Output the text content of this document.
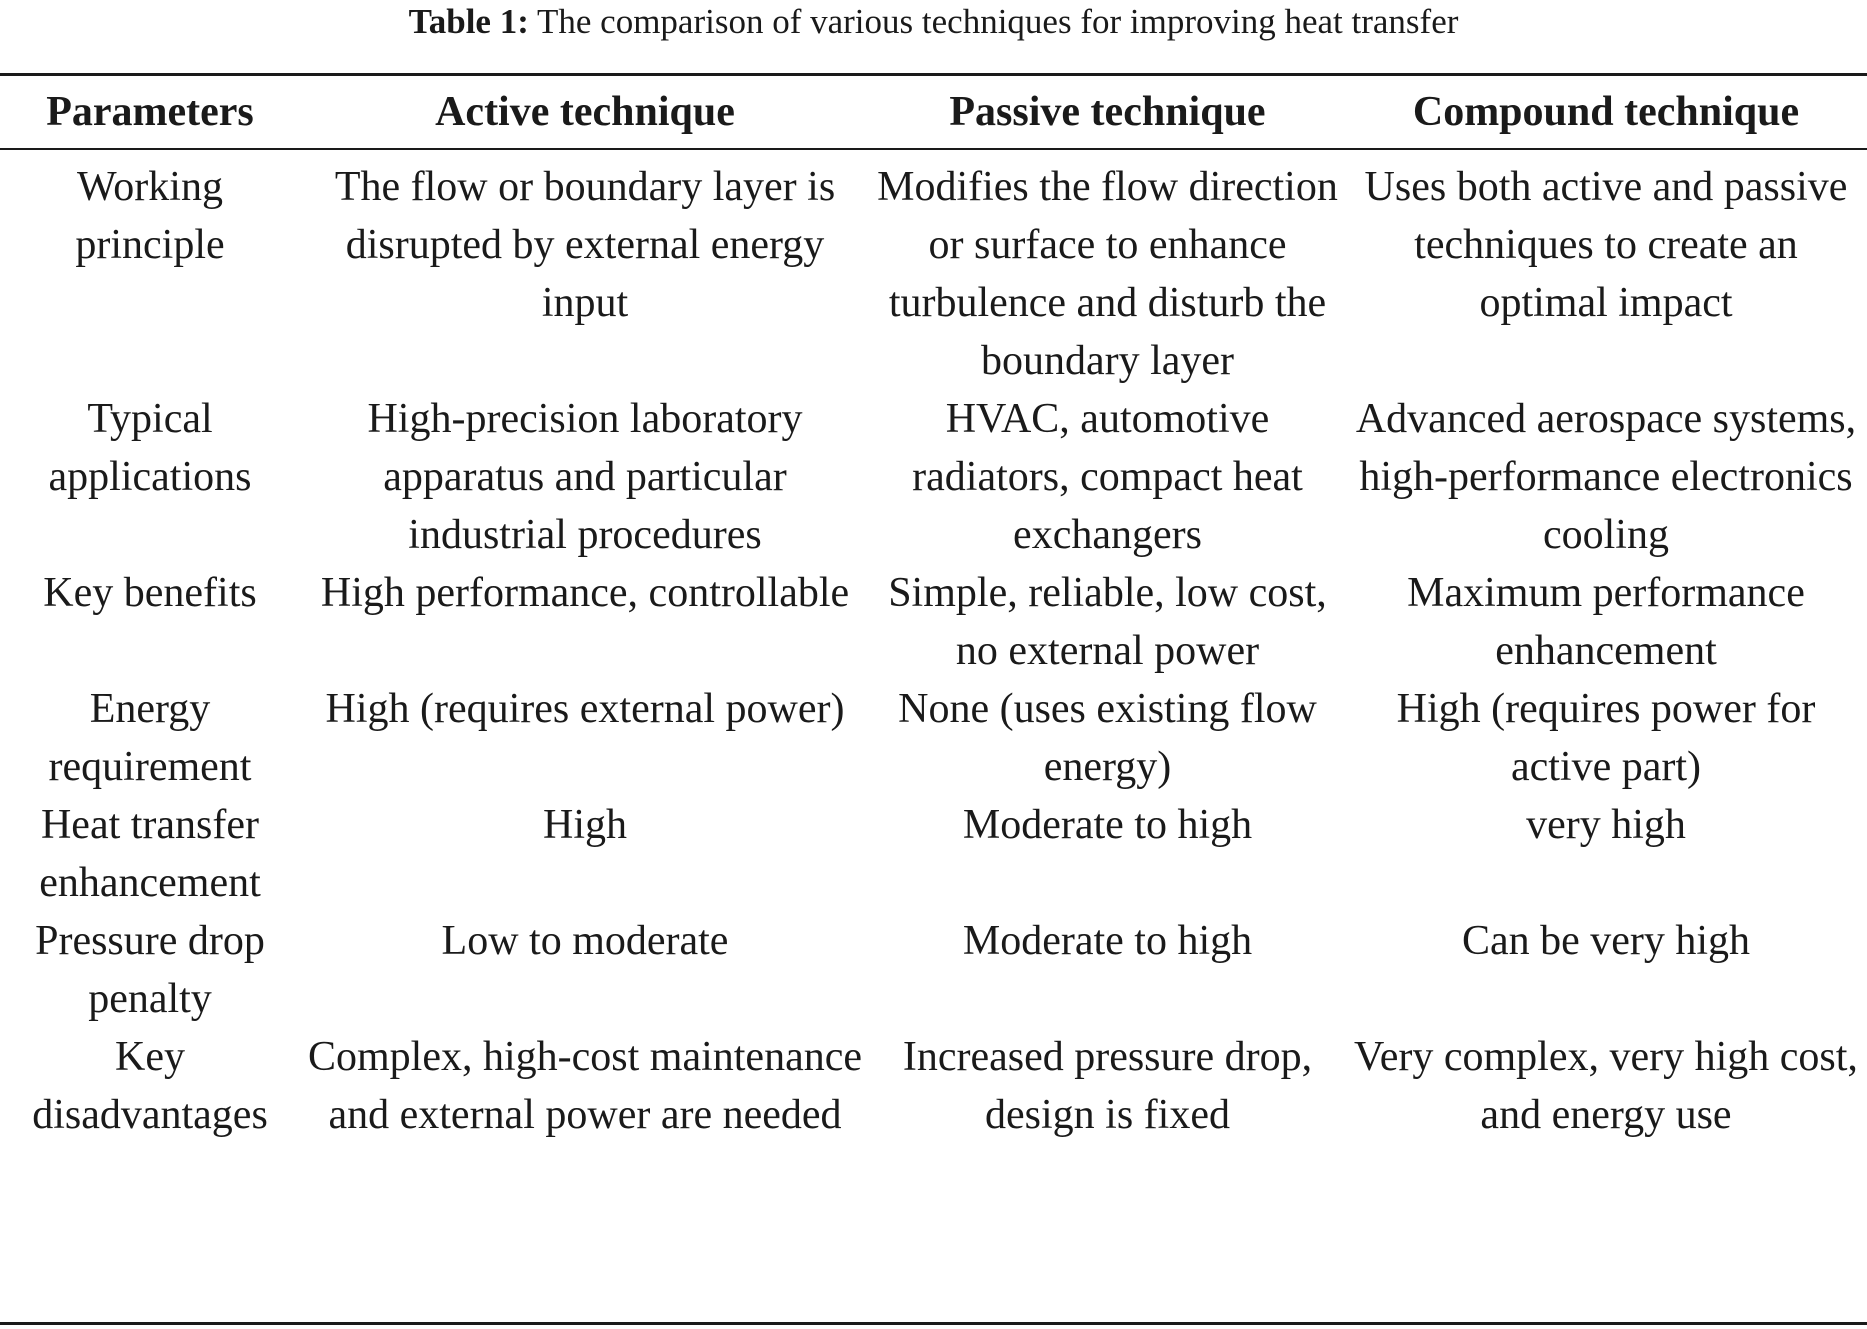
Table 1: The comparison of various techniques for improving heat transfer
Parameters	Active technique	Passive technique	Compound technique
Working principle	The flow or boundary layer is disrupted by external energy input	Modifies the flow direction or surface to enhance turbulence and disturb the boundary layer	Uses both active and passive techniques to create an optimal impact
Typical applications	High-precision laboratory apparatus and particular industrial procedures	HVAC, automotive radiators, compact heat exchangers	Advanced aerospace systems, high-performance electronics cooling
Key benefits	High performance, controllable	Simple, reliable, low cost, no external power	Maximum performance enhancement
Energy requirement	High (requires external power)	None (uses existing flow energy)	High (requires power for active part)
Heat transfer enhancement	High	Moderate to high	very high
Pressure drop penalty	Low to moderate	Moderate to high	Can be very high
Key disadvantages	Complex, high-cost maintenance and external power are needed	Increased pressure drop, design is fixed	Very complex, very high cost, and energy use
